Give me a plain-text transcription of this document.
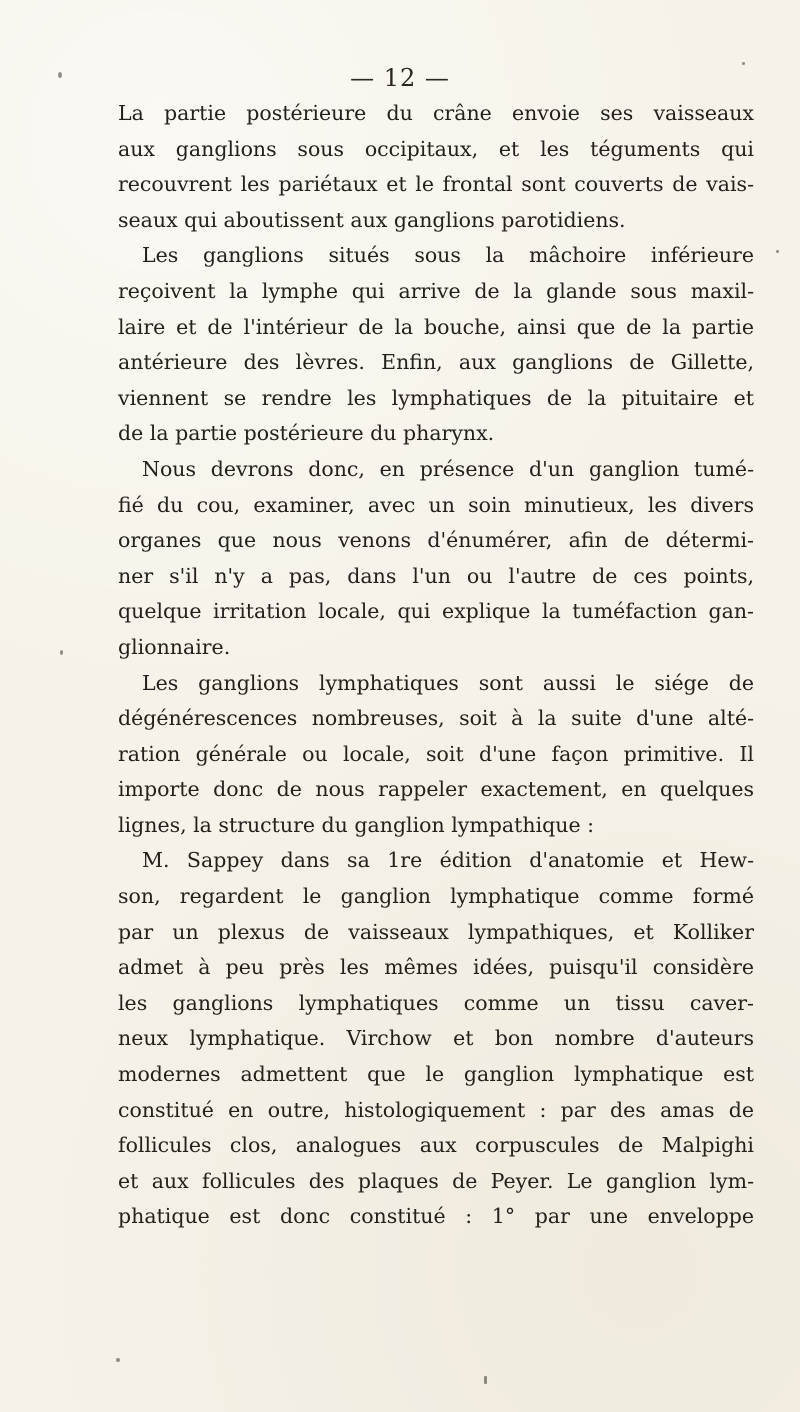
— 12 —
La partie postérieure du crâne envoie ses vaisseaux
aux ganglions sous occipitaux, et les téguments qui
recouvrent les pariétaux et le frontal sont couverts de vais-
seaux qui aboutissent aux ganglions parotidiens.
Les ganglions situés sous la mâchoire inférieure
reçoivent la lymphe qui arrive de la glande sous maxil-
laire et de l'intérieur de la bouche, ainsi que de la partie
antérieure des lèvres. Enfin, aux ganglions de Gillette,
viennent se rendre les lymphatiques de la pituitaire et
de la partie postérieure du pharynx.
Nous devrons donc, en présence d'un ganglion tumé-
fié du cou, examiner, avec un soin minutieux, les divers
organes que nous venons d'énumérer, afin de détermi-
ner s'il n'y a pas, dans l'un ou l'autre de ces points,
quelque irritation locale, qui explique la tuméfaction gan-
glionnaire.
Les ganglions lymphatiques sont aussi le siége de
dégénérescences nombreuses, soit à la suite d'une alté-
ration générale ou locale, soit d'une façon primitive. Il
importe donc de nous rappeler exactement, en quelques
lignes, la structure du ganglion lympathique :
M. Sappey dans sa 1re édition d'anatomie et Hew-
son, regardent le ganglion lymphatique comme formé
par un plexus de vaisseaux lympathiques, et Kolliker
admet à peu près les mêmes idées, puisqu'il considère
les ganglions lymphatiques comme un tissu caver-
neux lymphatique. Virchow et bon nombre d'auteurs
modernes admettent que le ganglion lymphatique est
constitué en outre, histologiquement : par des amas de
follicules clos, analogues aux corpuscules de Malpighi
et aux follicules des plaques de Peyer. Le ganglion lym-
phatique est donc constitué : 1° par une enveloppe
